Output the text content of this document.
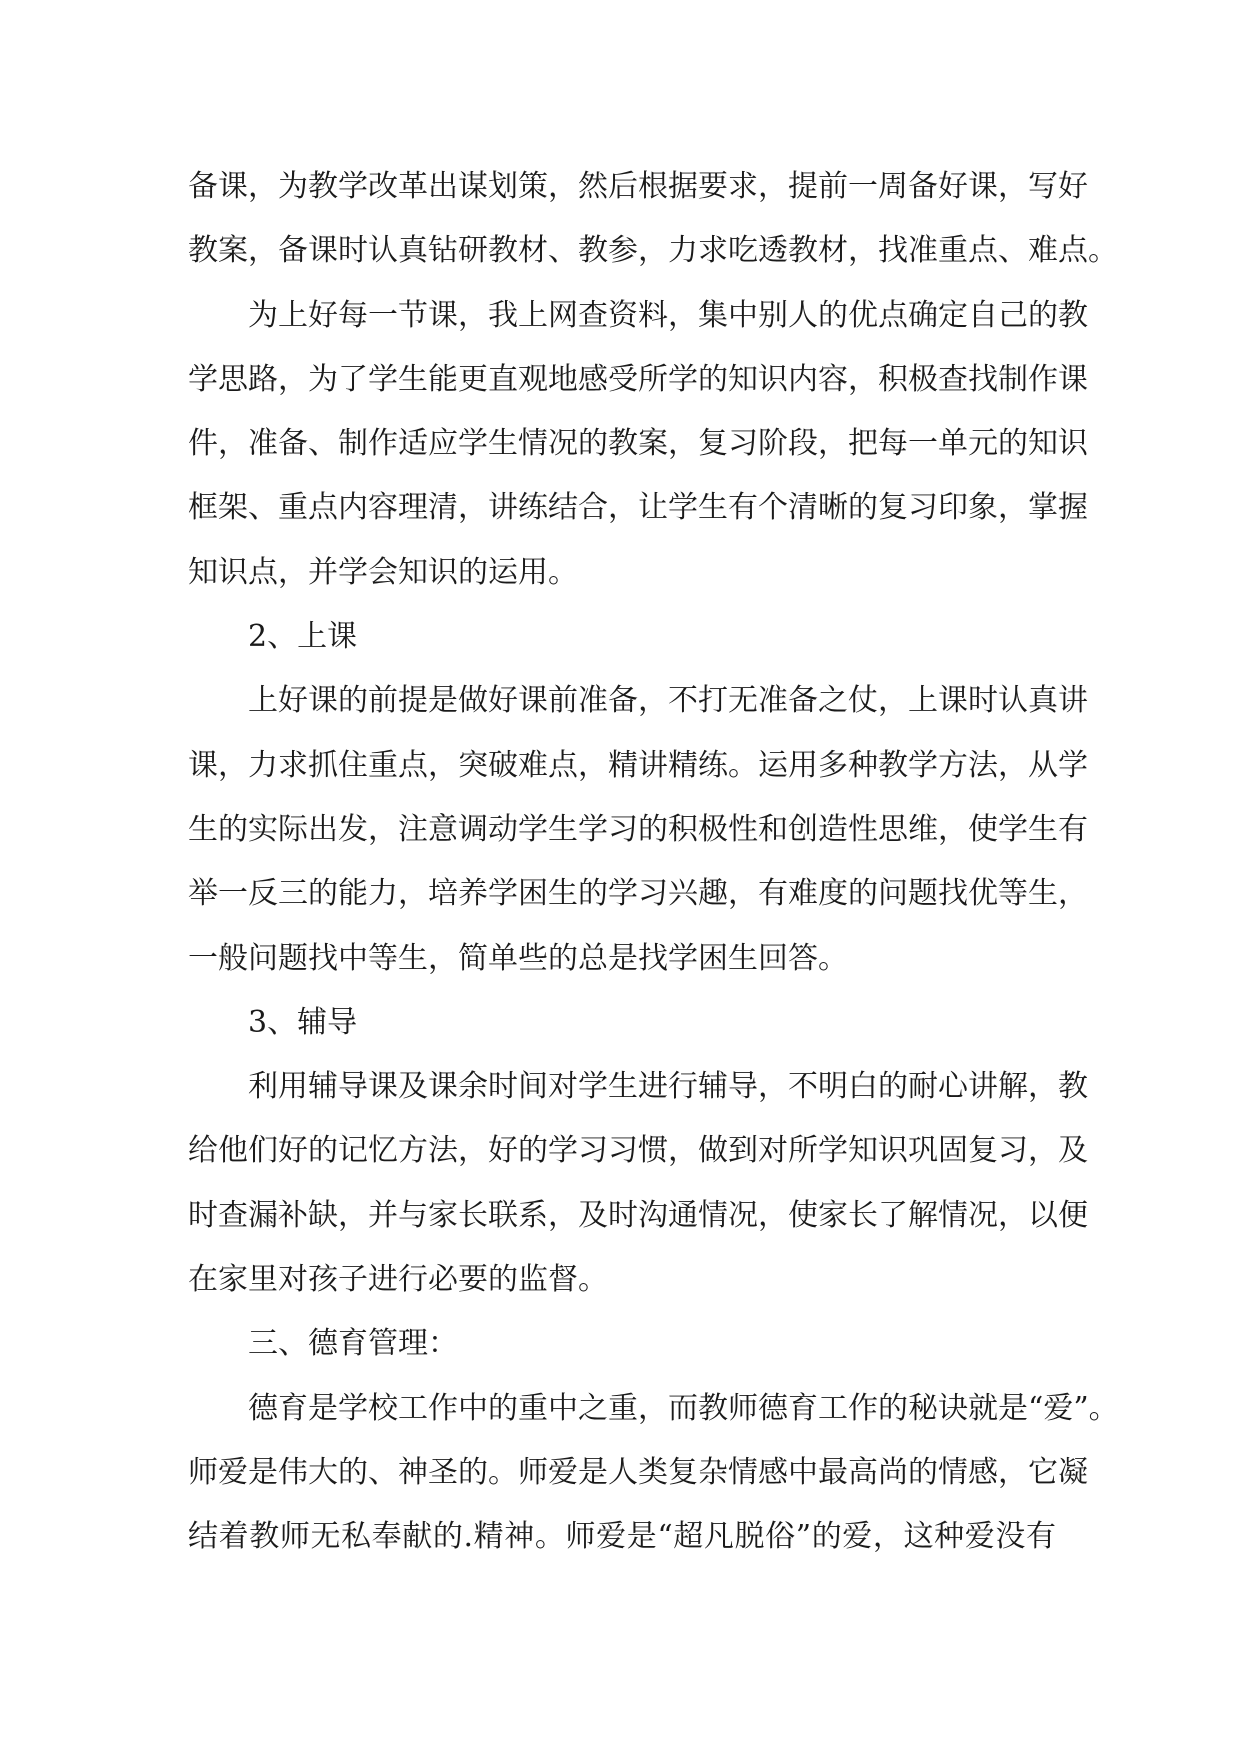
备课，为教学改革出谋划策，然后根据要求，提前一周备好课，写好
教案，备课时认真钻研教材、教参，力求吃透教材，找准重点、难点。
为上好每一节课，我上网查资料，集中别人的优点确定自己的教
学思路，为了学生能更直观地感受所学的知识内容，积极查找制作课
件，准备、制作适应学生情况的教案，复习阶段，把每一单元的知识
框架、重点内容理清，讲练结合，让学生有个清晰的复习印象，掌握
知识点，并学会知识的运用。
2、上课
上好课的前提是做好课前准备，不打无准备之仗，上课时认真讲
课，力求抓住重点，突破难点，精讲精练。运用多种教学方法，从学
生的实际出发，注意调动学生学习的积极性和创造性思维，使学生有
举一反三的能力，培养学困生的学习兴趣，有难度的问题找优等生，
一般问题找中等生，简单些的总是找学困生回答。
3、辅导
利用辅导课及课余时间对学生进行辅导，不明白的耐心讲解，教
给他们好的记忆方法，好的学习习惯，做到对所学知识巩固复习，及
时查漏补缺，并与家长联系，及时沟通情况，使家长了解情况，以便
在家里对孩子进行必要的监督。
三、德育管理：
德育是学校工作中的重中之重，而教师德育工作的秘诀就是“爱”。
师爱是伟大的、神圣的。师爱是人类复杂情感中最高尚的情感，它凝
结着教师无私奉献的.精神。师爱是“超凡脱俗”的爱，这种爱没有
